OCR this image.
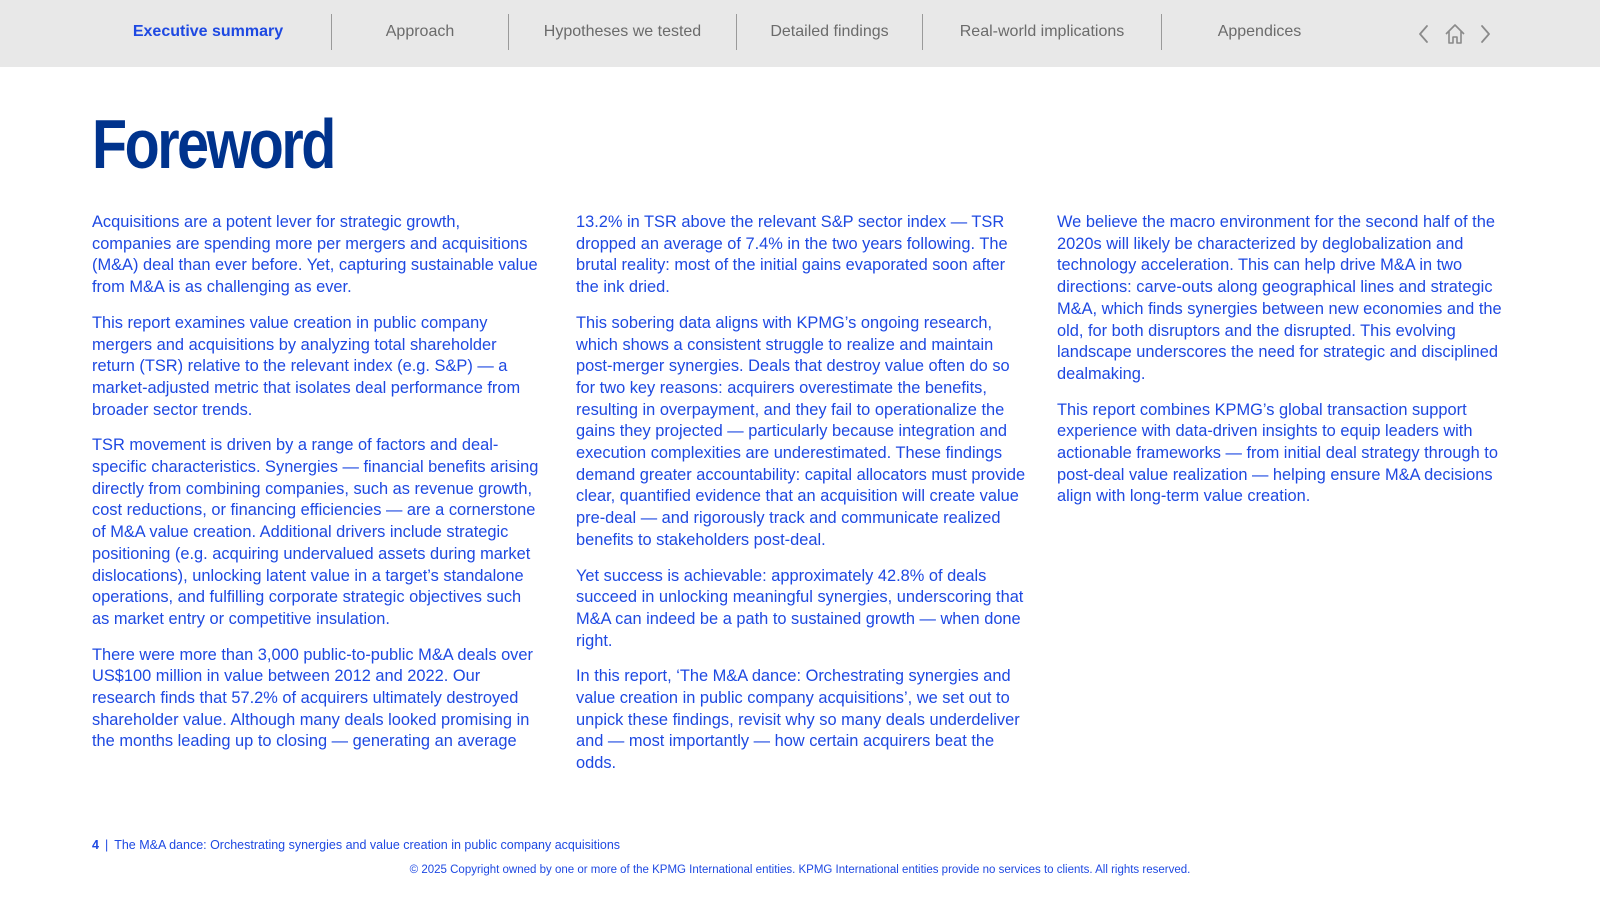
Executive summary	Approach	Hypotheses we tested	Detailed findings	Real-world implications	Appendices
Foreword

Acquisitions are a potent lever for strategic growth, companies are spending more per mergers and acquisitions (M&A) deal than ever before. Yet, capturing sustainable value from M&A is as challenging as ever.

This report examines value creation in public company mergers and acquisitions by analyzing total shareholder return (TSR) relative to the relevant index (e.g. S&P) — a market-adjusted metric that isolates deal performance from broader sector trends.

TSR movement is driven by a range of factors and deal-specific characteristics. Synergies — financial benefits arising directly from combining companies, such as revenue growth, cost reductions, or financing efficiencies — are a cornerstone of M&A value creation. Additional drivers include strategic positioning (e.g. acquiring undervalued assets during market dislocations), unlocking latent value in a target’s standalone operations, and fulfilling corporate strategic objectives such as market entry or competitive insulation.

There were more than 3,000 public-to-public M&A deals over US$100 million in value between 2012 and 2022. Our research finds that 57.2% of acquirers ultimately destroyed shareholder value. Although many deals looked promising in the months leading up to closing — generating an average

13.2% in TSR above the relevant S&P sector index — TSR dropped an average of 7.4% in the two years following. The brutal reality: most of the initial gains evaporated soon after the ink dried.

This sobering data aligns with KPMG’s ongoing research, which shows a consistent struggle to realize and maintain post-merger synergies. Deals that destroy value often do so for two key reasons: acquirers overestimate the benefits, resulting in overpayment, and they fail to operationalize the gains they projected — particularly because integration and execution complexities are underestimated. These findings demand greater accountability: capital allocators must provide clear, quantified evidence that an acquisition will create value pre-deal — and rigorously track and communicate realized benefits to stakeholders post-deal.

Yet success is achievable: approximately 42.8% of deals succeed in unlocking meaningful synergies, underscoring that M&A can indeed be a path to sustained growth — when done right.

In this report, ‘The M&A dance: Orchestrating synergies and value creation in public company acquisitions’, we set out to unpick these findings, revisit why so many deals underdeliver and — most importantly — how certain acquirers beat the odds.

We believe the macro environment for the second half of the 2020s will likely be characterized by deglobalization and technology acceleration. This can help drive M&A in two directions: carve-outs along geographical lines and strategic M&A, which finds synergies between new economies and the old, for both disruptors and the disrupted. This evolving landscape underscores the need for strategic and disciplined dealmaking.

This report combines KPMG’s global transaction support experience with data-driven insights to equip leaders with actionable frameworks — from initial deal strategy through to post-deal value realization — helping ensure M&A decisions align with long-term value creation.

4 | The M&A dance: Orchestrating synergies and value creation in public company acquisitions
© 2025 Copyright owned by one or more of the KPMG International entities. KPMG International entities provide no services to clients. All rights reserved.
